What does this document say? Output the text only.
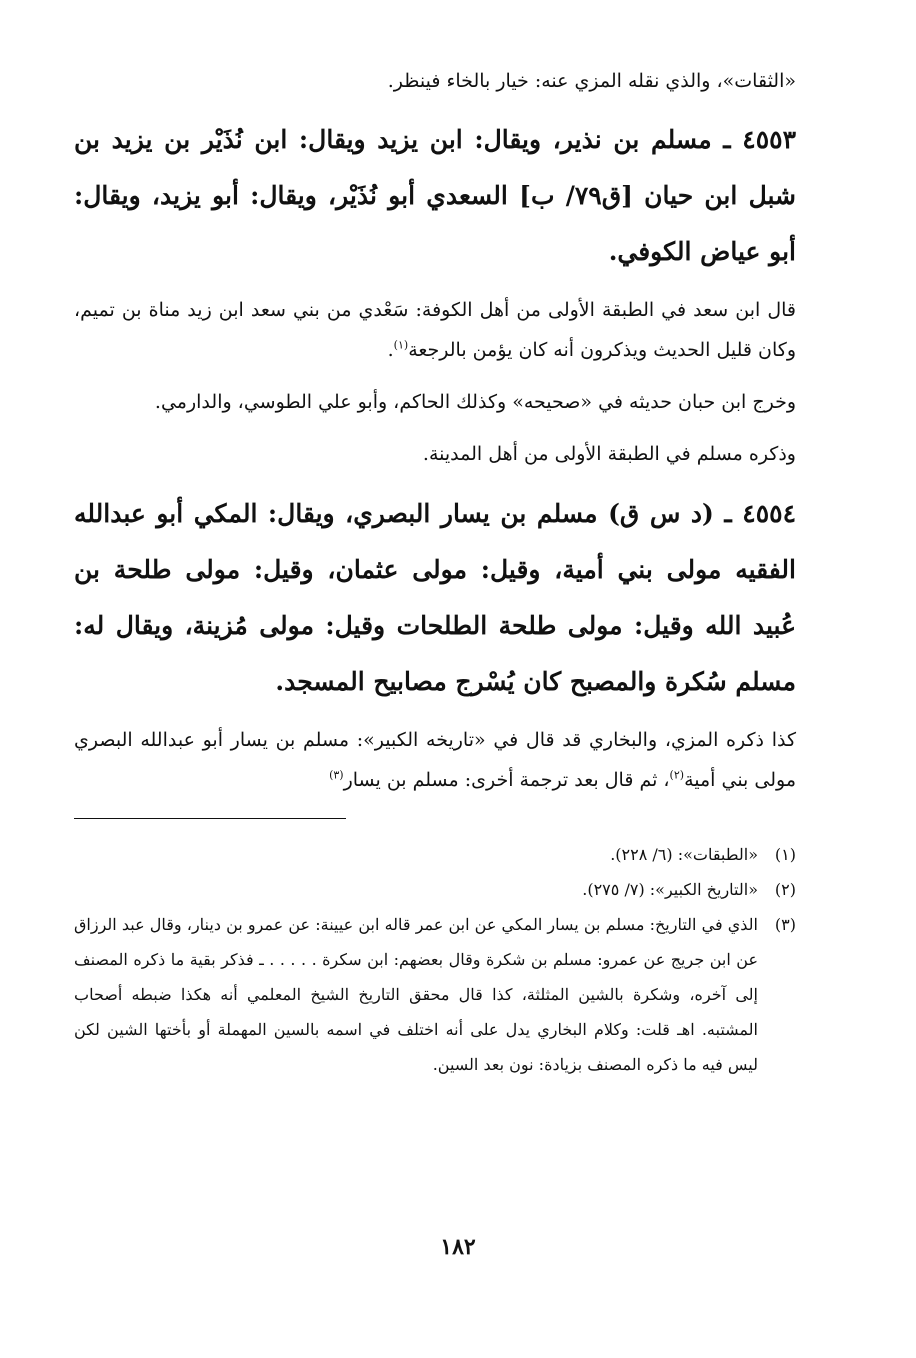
«الثقات»، والذي نقله المزي عنه: خيار بالخاء فينظر.

٤٥٥٣ ـ مسلم بن نذير، ويقال: ابن يزيد ويقال: ابن نُذَيْر بن يزيد بن شبل ابن حيان [ق٧٩/ ب] السعدي أبو نُذَيْر، ويقال: أبو يزيد، ويقال: أبو عياض الكوفي.

قال ابن سعد في الطبقة الأولى من أهل الكوفة: سَعْدي من بني سعد ابن زيد مناة بن تميم، وكان قليل الحديث ويذكرون أنه كان يؤمن بالرجعة$^{(١)}$.

وخرج ابن حبان حديثه في «صحيحه» وكذلك الحاكم، وأبو علي الطوسي، والدارمي.

وذكره مسلم في الطبقة الأولى من أهل المدينة.

٤٥٥٤ ـ (د س ق) مسلم بن يسار البصري، ويقال: المكي أبو عبدالله الفقيه مولى بني أمية، وقيل: مولى عثمان، وقيل: مولى طلحة بن عُبيد الله وقيل: مولى طلحة الطلحات وقيل: مولى مُزينة، ويقال له: مسلم سُكرة والمصبح كان يُسْرج مصابيح المسجد.

كذا ذكره المزي، والبخاري قد قال في «تاريخه الكبير»: مسلم بن يسار أبو عبدالله البصري مولى بني أمية$^{(٢)}$، ثم قال بعد ترجمة أخرى: مسلم بن يسار$^{(٣)}$

(١)«الطبقات»: (٦/ ٢٢٨).

(٢)«التاريخ الكبير»: (٧/ ٢٧٥).

(٣)الذي في التاريخ: مسلم بن يسار المكي عن ابن عمر قاله ابن عيينة: عن عمرو بن دينار، وقال عبد الرزاق عن ابن جريج عن عمرو: مسلم بن شكرة وقال بعضهم: ابن سكرة . . . . . ـ فذكر بقية ما ذكره المصنف إلى آخره، وشكرة بالشين المثلثة، كذا قال محقق التاريخ الشيخ المعلمي أنه هكذا ضبطه أصحاب المشتبه. اهـ قلت: وكلام البخاري يدل على أنه اختلف في اسمه بالسين المهملة أو بأختها الشين لكن ليس فيه ما ذكره المصنف بزيادة: نون بعد السين.

١٨٢
